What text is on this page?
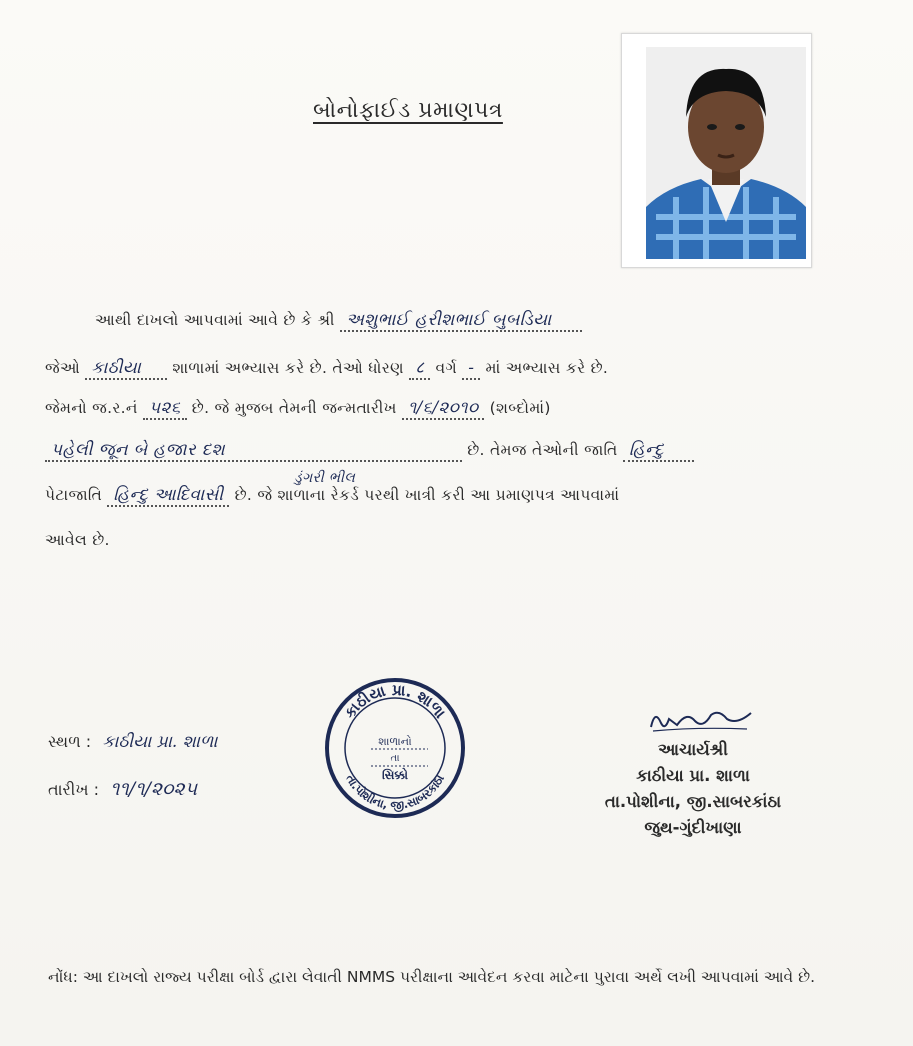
બોનોફાઈડ પ્રમાણપત્ર
આથી દાખલો આપવામાં આવે છે કે શ્રી અશુભાઈ હરીશભાઈ બુબડિયા
જેઓ કાઠીયા શાળામાં અભ્યાસ કરે છે. તેઓ ધોરણ ८ વર્ગ - માં અભ્યાસ કરે છે.
જેમનો જ.ર.નં ૫૨૬ છે. જે મુજબ તેમની જન્મતારીખ ૧/૬/૨૦૧૦ (શબ્દોમાં)
પહેલી જૂન બે હજાર દશ	છે. તેમજ તેઓની જાતિ હિન્દુ
ડુંગરી ભીલ
પેટાજાતિ હિન્દુ આદિવાસી છે. જે શાળાના રેકર્ડ પરથી ખાત્રી કરી આ પ્રમાણપત્ર આપવામાં
આવેલ છે.
સ્થળ : કાઠીયા પ્રા. શાળા
તારીખ : ૧૧/૧/૨૦૨૫
કાઠીયા પ્રા. શાળા
તા.પોશીના, જી.સાબરકાંઠા
શાળાનો
તા
સિક્કો
આચાર્યશ્રી
કાઠીયા પ્રા. શાળા
તા.પોશીના, જી.સાબરકાંઠા
જુથ-ગુંદીખાણા
નોંધ: આ દાખલો રાજ્ય પરીક્ષા બોર્ડ દ્વારા લેવાતી NMMS પરીક્ષાના આવેદન કરવા માટેના પુરાવા અર્થે લખી આપવામાં આવે છે.
